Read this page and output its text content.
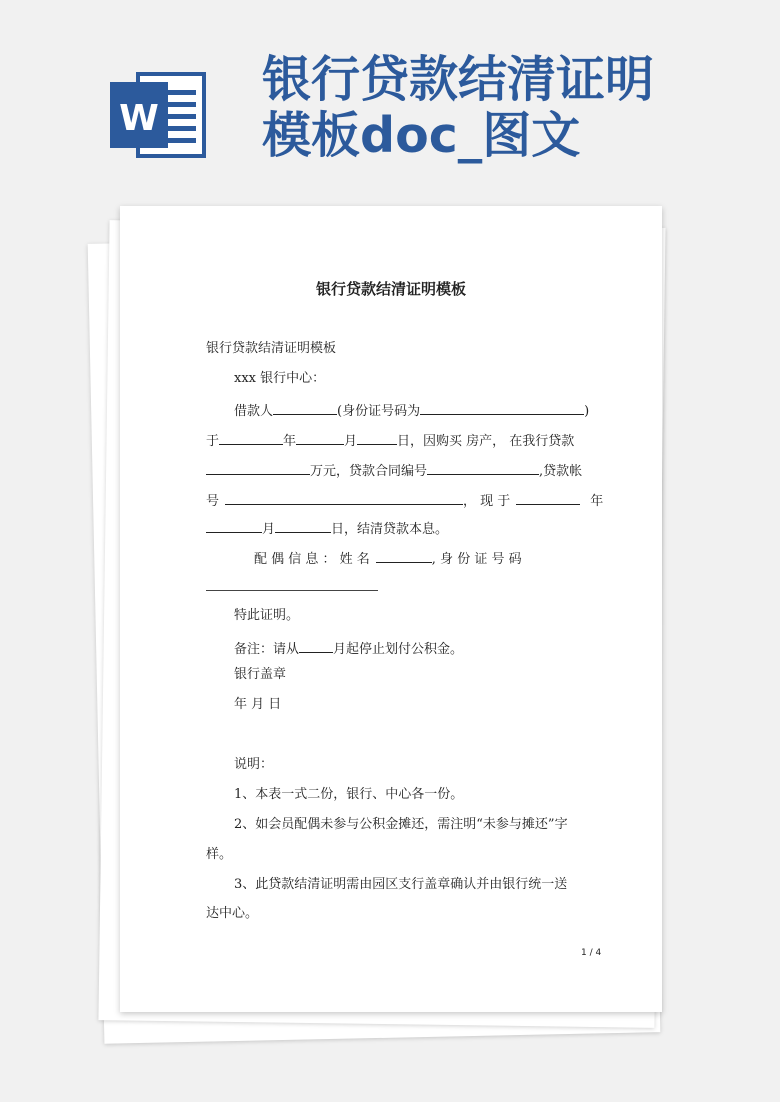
W
银行贷款结清证明
模板doc_图文
银行贷款结清证明模板
银行贷款结清证明模板
xxx 银行中心：
借款人	(身份证号码为	)
于	年	月	日，因购买 房产， 在我行贷款
万元，贷款合同编号	,贷款帐
号	， 现 于	年
月	日，结清贷款本息。
配 偶 信 息 ： 姓 名	, 身 份 证 号 码
特此证明。
备注：请从	月起停止划付公积金。
银行盖章
年 月 日
说明：
1、本表一式二份，银行、中心各一份。
2、如会员配偶未参与公积金摊还，需注明“未参与摊还”字
样。
3、此贷款结清证明需由园区支行盖章确认并由银行统一送
达中心。
1 / 4
